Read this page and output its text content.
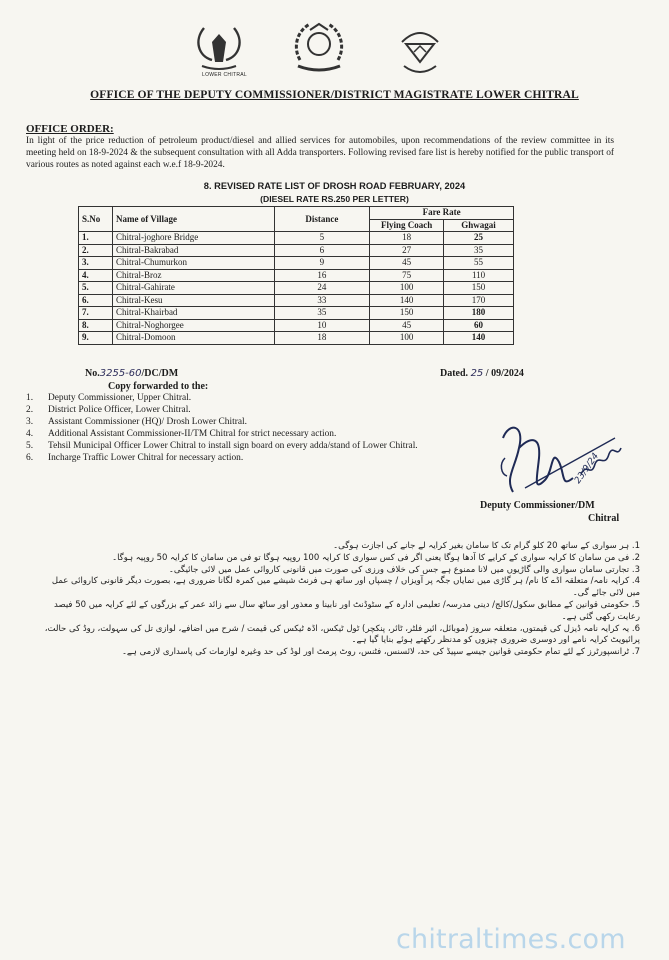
LOWER CHITRAL
OFFICE OF THE DEPUTY COMMISSIONER/DISTRICT MAGISTRATE LOWER CHITRAL
OFFICE ORDER:
In light of the price reduction of petroleum product/diesel and allied services for automobiles, upon recommendations of the review committee in its meeting held on 18-9-2024 & the subsequent consultation with all Adda transporters. Following revised fare list is hereby notified for the public transport of various routes as noted against each w.e.f 18-9-2024.
8. REVISED RATE LIST OF DROSH ROAD FEBRUARY, 2024
(DIESEL RATE RS.250 PER LETTER)
S.No	Name of Village	Distance	Fare Rate	
			Flying Coach	Ghwagai
1.	Chitral-joghore Bridge	5	18	25
2.	Chitral-Bakrabad	6	27	35
3.	Chitral-Chumurkon	9	45	55
4.	Chitral-Broz	16	75	110
5.	Chitral-Gahirate	24	100	150
6.	Chitral-Kesu	33	140	170
7.	Chitral-Khairbad	35	150	180
8.	Chitral-Noghorgee	10	45	60
9.	Chitral-Domoon	18	100	140
No.3255-60/DC/DM	Dated. 25 / 09/2024
Copy forwarded to the:
1. Deputy Commissioner, Upper Chitral.
2. District Police Officer, Lower Chitral.
3. Assistant Commissioner (HQ)/ Drosh Lower Chitral.
4. Additional Assistant Commissioner-II/TM Chitral for strict necessary action.
5. Tehsil Municipal Officer Lower Chitral to install sign board on every adda/stand of Lower Chitral.
6. Incharge Traffic Lower Chitral for necessary action.	23/9/24
Deputy Commissioner/DM
Chitral

1. ہر سواری کے ساتھ 20 کلو گرام تک کا سامان بغیر کرایہ لے جانے کی اجازت ہوگی۔

2. فی من سامان کا کرایہ سواری کے کرایے کا آدھا ہوگا یعنی اگر فی کس سواری کا کرایہ 100 روپیہ ہوگا تو فی من سامان کا کرایہ 50 روپیہ ہوگا۔

3. تجارتی سامان سواری والی گاڑیوں میں لانا ممنوع ہے جس کی خلاف ورزی کی صورت میں قانونی کاروائی عمل میں لائی جائیگی۔

4. کرایہ نامہ/ متعلقہ اڈے کا نام/ ہر گاڑی میں نمایاں جگہ پر آویزاں / چسپاں اور ساتھ ہی فرنٹ شیشے میں کمرہ لگانا ضروری ہے، بصورت دیگر قانونی کاروائی عمل میں لائی جائے گی۔

5. حکومتی قوانین کے مطابق سکول/کالج/ دینی مدرسہ/ تعلیمی ادارہ کے سٹوڈنٹ اور نابینا و معذور اور ساٹھ سال سے زائد عمر کے بزرگوں کے لئے کرایہ میں 50 فیصد رعایت رکھی گئی ہے۔

6. یہ کرایہ نامہ ڈیزل کی قیمتوں، متعلقہ سروز (موبائل، ائیر فلٹر، ٹائر، پنکچر) ٹول ٹیکس، اڈہ ٹیکس کی قیمت / شرح میں اضافے، لوازی تل کی سہولت، روڈ کی حالت، پرائیویٹ کرایہ نامے اور دوسری ضروری چیزوں کو مدنظر رکھتے ہوئے بنایا گیا ہے۔

7. ٹرانسپورٹرز کے لئے تمام حکومتی قوانین جیسے سپیڈ کی حد، لائسنس، فٹنس، روٹ پرمٹ اور لوڈ کی حد وغیرہ لوازمات کی پاسداری لازمی ہے۔

chitraltimes.com
